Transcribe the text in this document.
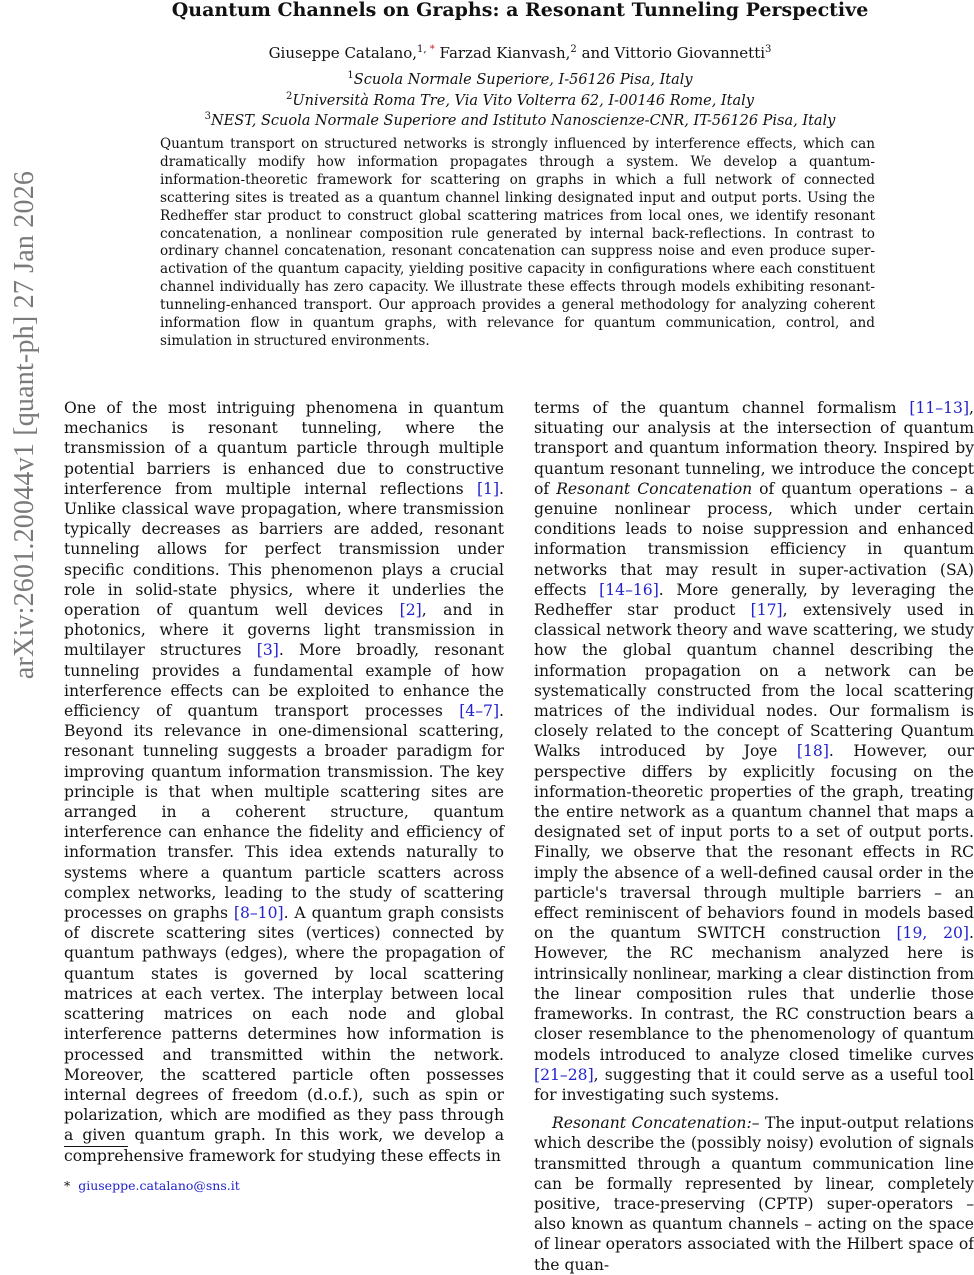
arXiv:2601.20044v1 [quant-ph] 27 Jan 2026
Quantum Channels on Graphs: a Resonant Tunneling Perspective
Giuseppe Catalano,$^{1, *}$ Farzad Kianvash,$^2$ and Vittorio Giovannetti$^3$
$^1$Scuola Normale Superiore, I-56126 Pisa, Italy
$^2$Università Roma Tre, Via Vito Volterra 62, I-00146 Rome, Italy
$^3$NEST, Scuola Normale Superiore and Istituto Nanoscienze-CNR, IT-56126 Pisa, Italy

Quantum transport on structured networks is strongly influenced by interference effects, which can dramatically modify how information propagates through a system. We develop a quantum-information-theoretic framework for scattering on graphs in which a full network of connected scattering sites is treated as a quantum channel linking designated input and output ports. Using the Redheffer star product to construct global scattering matrices from local ones, we identify resonant concatenation, a nonlinear composition rule generated by internal back-reflections. In contrast to ordinary channel concatenation, resonant concatenation can suppress noise and even produce super-activation of the quantum capacity, yielding positive capacity in configurations where each constituent channel individually has zero capacity. We illustrate these effects through models exhibiting resonant-tunneling-enhanced transport. Our approach provides a general methodology for analyzing coherent information flow in quantum graphs, with relevance for quantum communication, control, and simulation in structured environments.

One of the most intriguing phenomena in quantum mechanics is resonant tunneling, where the transmission of a quantum particle through multiple potential barriers is enhanced due to constructive interference from multiple internal reflections [1]. Unlike classical wave propagation, where transmission typically decreases as barriers are added, resonant tunneling allows for perfect transmission under specific conditions. This phenomenon plays a crucial role in solid-state physics, where it underlies the operation of quantum well devices [2], and in photonics, where it governs light transmission in multilayer structures [3]. More broadly, resonant tunneling provides a fundamental example of how interference effects can be exploited to enhance the efficiency of quantum transport processes [4–7]. Beyond its relevance in one-dimensional scattering, resonant tunneling suggests a broader paradigm for improving quantum information transmission. The key principle is that when multiple scattering sites are arranged in a coherent structure, quantum interference can enhance the fidelity and efficiency of information transfer. This idea extends naturally to systems where a quantum particle scatters across complex networks, leading to the study of scattering processes on graphs [8–10]. A quantum graph consists of discrete scattering sites (vertices) connected by quantum pathways (edges), where the propagation of quantum states is governed by local scattering matrices at each vertex. The interplay between local scattering matrices on each node and global interference patterns determines how information is processed and transmitted within the network. Moreover, the scattered particle often possesses internal degrees of freedom (d.o.f.), such as spin or polarization, which are modified as they pass through a given quantum graph. In this work, we develop a comprehensive framework for studying these effects in

terms of the quantum channel formalism [11–13], situating our analysis at the intersection of quantum transport and quantum information theory. Inspired by quantum resonant tunneling, we introduce the concept of Resonant Concatenation of quantum operations – a genuine nonlinear process, which under certain conditions leads to noise suppression and enhanced information transmission efficiency in quantum networks that may result in super-activation (SA) effects [14–16]. More generally, by leveraging the Redheffer star product [17], extensively used in classical network theory and wave scattering, we study how the global quantum channel describing the information propagation on a network can be systematically constructed from the local scattering matrices of the individual nodes. Our formalism is closely related to the concept of Scattering Quantum Walks introduced by Joye [18]. However, our perspective differs by explicitly focusing on the information-theoretic properties of the graph, treating the entire network as a quantum channel that maps a designated set of input ports to a set of output ports. Finally, we observe that the resonant effects in RC imply the absence of a well-defined causal order in the particle's traversal through multiple barriers – an effect reminiscent of behaviors found in models based on the quantum SWITCH construction [19, 20]. However, the RC mechanism analyzed here is intrinsically nonlinear, marking a clear distinction from the linear composition rules that underlie those frameworks. In contrast, the RC construction bears a closer resemblance to the phenomenology of quantum models introduced to analyze closed timelike curves [21–28], suggesting that it could serve as a useful tool for investigating such systems.

Resonant Concatenation:– The input-output relations which describe the (possibly noisy) evolution of signals transmitted through a quantum communication line can be formally represented by linear, completely positive, trace-preserving (CPTP) super-operators – also known as quantum channels – acting on the space of linear operators associated with the Hilbert space of the quan-

* giuseppe.catalano@sns.it
